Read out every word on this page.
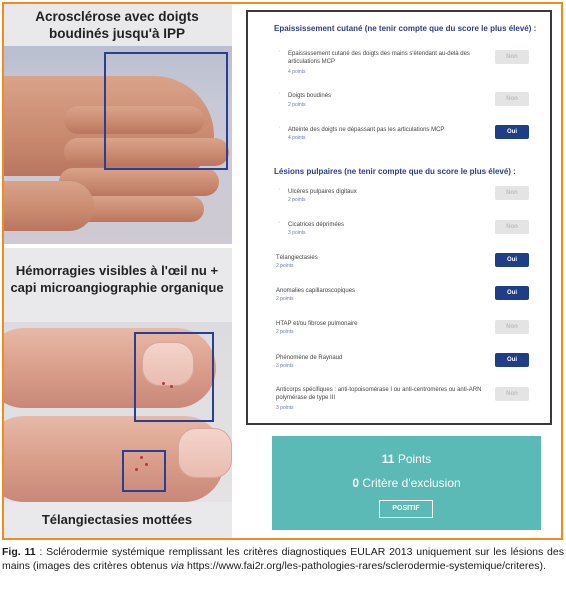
Acrosclérose avec doigts boudinés jusqu'à IPP
Hémorragies visibles à l'œil nu + capi microangiographie organique
Télangiectasies mottées
Epaississement cutané (ne tenir compte que du score le plus élevé) :
· Epaississement cutané des doigts des mains s'étendant au-delà des articulations MCP
4 points
Non
· Doigts boudinés
2 points
Non
· Atteinte des doigts ne dépassant pas les articulations MCP
4 points
Oui
Lésions pulpaires (ne tenir compte que du score le plus élevé) :
· Ulcères pulpaires digitaux
2 points
Non
· Cicatrices déprimées
3 points
Non
Télangiectasies
2 points
Oui
Anomalies capillaroscopiques
2 points
Oui
HTAP et/ou fibrose pulmonaire
2 points
Non
Phénomène de Raynaud
3 points
Oui
Anticorps spécifiques : anti-topoisomérase I ou anti-centromères ou anti-ARN polymérase de type III
3 points
Non
11 Points
0 Critère d'exclusion
POSITIF
Fig. 11 : Sclérodermie systémique remplissant les critères diagnostiques EULAR 2013 uniquement sur les lésions des mains (images des critères obtenus via https://www.fai2r.org/les-pathologies-rares/sclerodermie-systemique/criteres).
